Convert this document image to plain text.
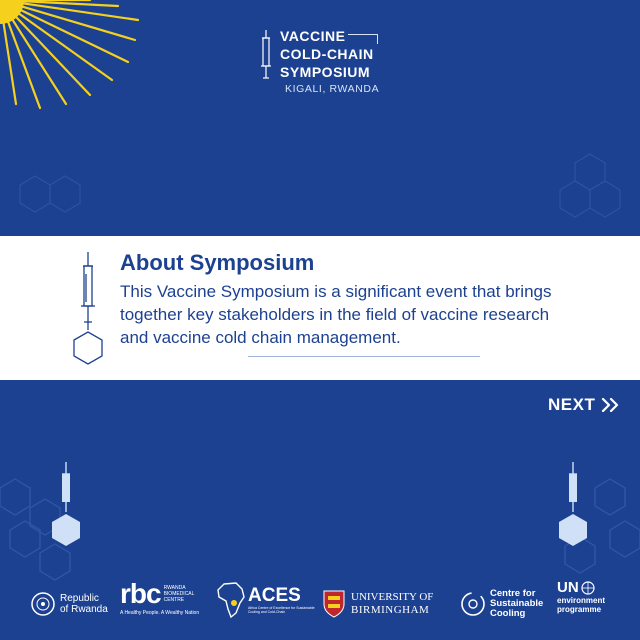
VACCINE
COLD-CHAIN
SYMPOSIUM
KIGALI, RWANDA
About Symposium
This Vaccine Symposium is a significant event that brings together key stakeholders in the field of vaccine research and vaccine cold chain management.
NEXT
Republic
of Rwanda
rbc RWANDA
BIOMEDICAL
CENTRE
A Healthy People. A Wealthy Nation
ACES
Africa Centre of Excellence for Sustainable Cooling and Cold-Chain
UNIVERSITY OF
BIRMINGHAM
Centre for
Sustainable
Cooling
UN
environment
programme
